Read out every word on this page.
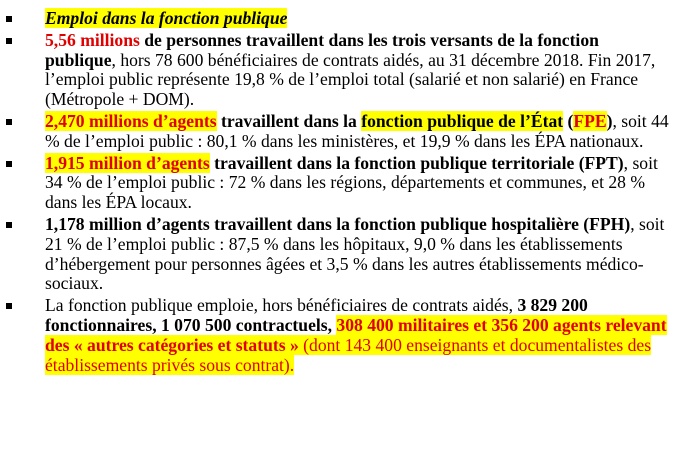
Emploi dans la fonction publique
5,56 millions de personnes travaillent dans les trois versants de la fonction publique, hors 78 600 bénéficiaires de contrats aidés, au 31 décembre 2018. Fin 2017, l’emploi public représente 19,8 % de l’emploi total (salarié et non salarié) en France (Métropole + DOM).
2,470 millions d’agents travaillent dans la fonction publique de l’État (FPE), soit 44 % de l’emploi public : 80,1 % dans les ministères, et 19,9 % dans les ÉPA nationaux.
1,915 million d’agents travaillent dans la fonction publique territoriale (FPT), soit 34 % de l’emploi public : 72 % dans les régions, départements et communes, et 28 % dans les ÉPA locaux.
1,178 million d’agents travaillent dans la fonction publique hospitalière (FPH), soit 21 % de l’emploi public : 87,5 % dans les hôpitaux, 9,0 % dans les établissements d’hébergement pour personnes âgées et 3,5 % dans les autres établissements médico-sociaux.
La fonction publique emploie, hors bénéficiaires de contrats aidés, 3 829 200 fonctionnaires, 1 070 500 contractuels, 308 400 militaires et 356 200 agents relevant des « autres catégories et statuts » (dont 143 400 enseignants et documentalistes des établissements privés sous contrat).
